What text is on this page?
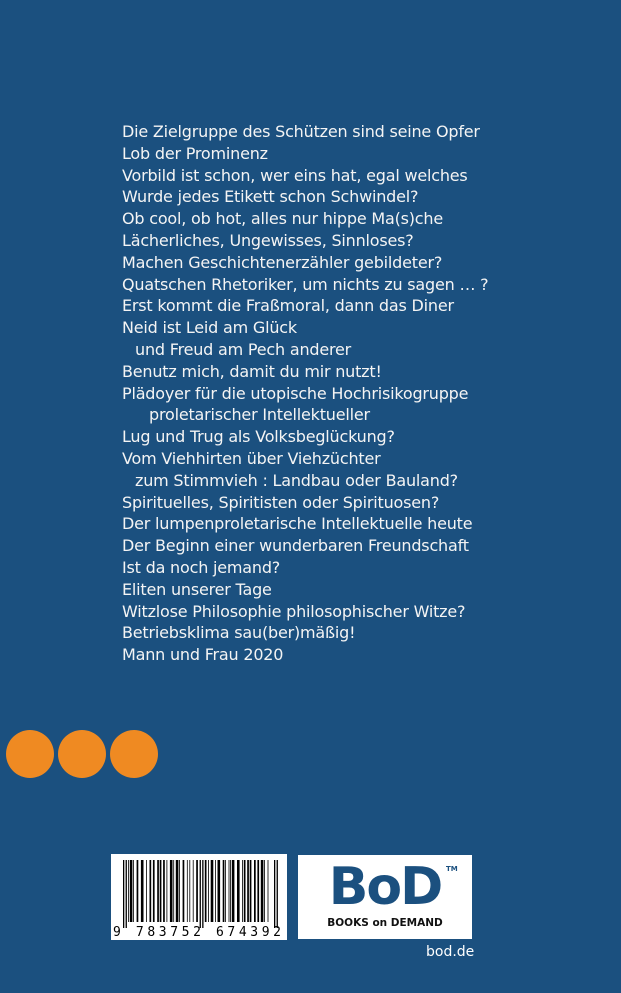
Die Zielgruppe des Schützen sind seine Opfer
Lob der Prominenz
Vorbild ist schon, wer eins hat, egal welches
Wurde jedes Etikett schon Schwindel?
Ob cool, ob hot, alles nur hippe Ma(s)che
Lächerliches, Ungewisses, Sinnloses?
Machen Geschichtenerzähler gebildeter?
Quatschen Rhetoriker, um nichts zu sagen … ?
Erst kommt die Fraßmoral, dann das Diner
Neid ist Leid am Glück
und Freud am Pech anderer
Benutz mich, damit du mir nutzt!
Plädoyer für die utopische Hochrisikogruppe
proletarischer Intellektueller
Lug und Trug als Volksbeglückung?
Vom Viehhirten über Viehzüchter
zum Stimmvieh : Landbau oder Bauland?
Spirituelles, Spiritisten oder Spirituosen?
Der lumpenproletarische Intellektuelle heute
Der Beginn einer wunderbaren Freundschaft
Ist da noch jemand?
Eliten unserer Tage
Witzlose Philosophie philosophischer Witze?
Betriebsklima sau(ber)mäßig!
Mann und Frau 2020
9 783752 674392
BoD TM
BOOKS on DEMAND
bod.de
